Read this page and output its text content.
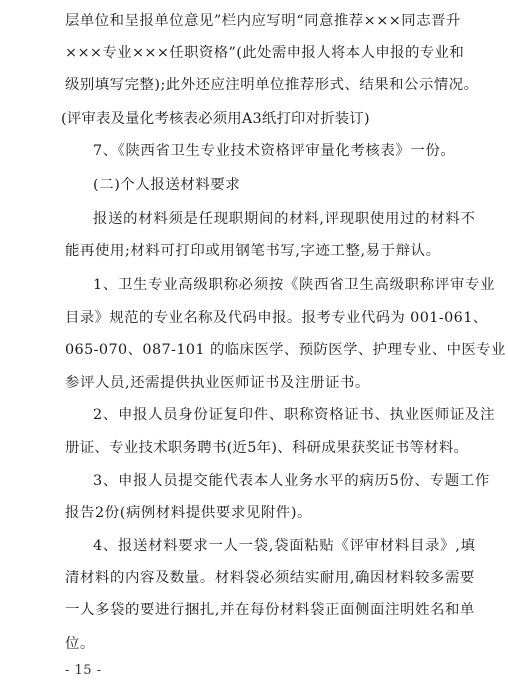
层单位和呈报单位意见”栏内应写明“同意推荐×××同志晋升
×××专业×××任职资格”(此处需申报人将本人申报的专业和
级别填写完整);此外还应注明单位推荐形式、结果和公示情况。
(评审表及量化考核表必须用A3纸打印对折装订)
7、《陕西省卫生专业技术资格评审量化考核表》一份。
(二)个人报送材料要求
报送的材料须是任现职期间的材料,评现职使用过的材料不
能再使用;材料可打印或用钢笔书写,字迹工整,易于辩认。
1、卫生专业高级职称必须按《陕西省卫生高级职称评审专业
目录》规范的专业名称及代码申报。报考专业代码为 001-061、
065-070、087-101 的临床医学、预防医学、护理专业、中医专业
参评人员,还需提供执业医师证书及注册证书。
2、申报人员身份证复印件、职称资格证书、执业医师证及注
册证、专业技术职务聘书(近5年)、科研成果获奖证书等材料。
3、申报人员提交能代表本人业务水平的病历5份、专题工作
报告2份(病例材料提供要求见附件)。
4、报送材料要求一人一袋,袋面粘贴《评审材料目录》,填
清材料的内容及数量。材料袋必须结实耐用,确因材料较多需要
一人多袋的要进行捆扎,并在每份材料袋正面侧面注明姓名和单
位。
- 15 -
